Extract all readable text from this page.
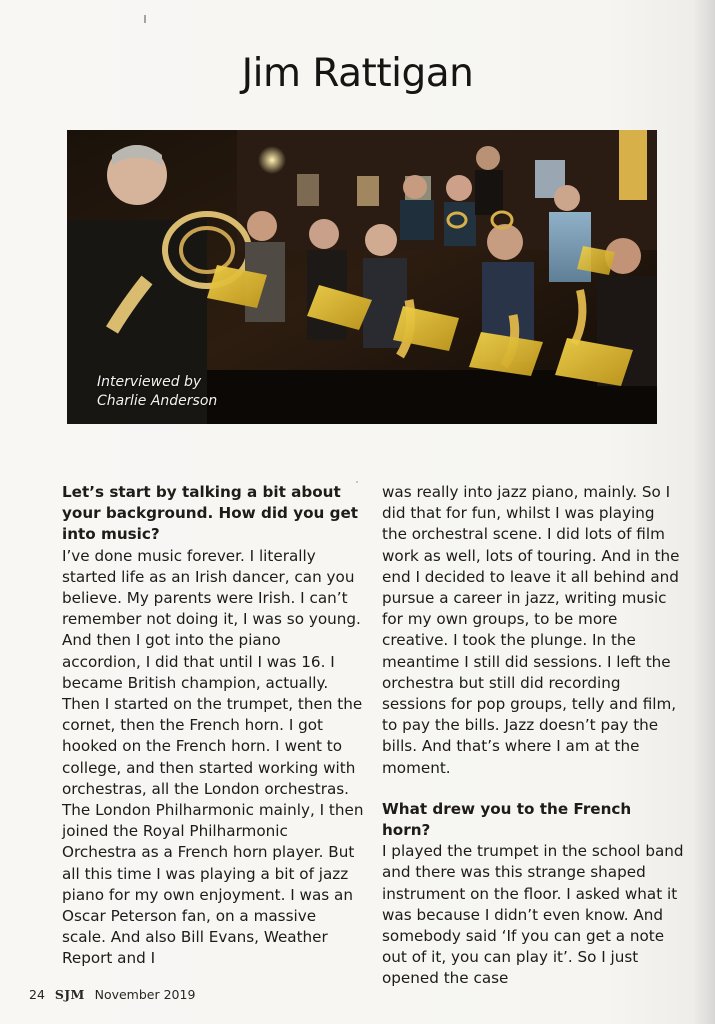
Jim Rattigan
Interviewed by
Charlie Anderson
Let’s start by talking a bit about your background. How did you get into music?
I’ve done music forever. I literally started life as an Irish dancer, can you believe. My parents were Irish. I can’t remember not doing it, I was so young. And then I got into the piano accordion, I did that until I was 16. I became British champion, actually. Then I started on the trumpet, then the cornet, then the French horn. I got hooked on the French horn. I went to college, and then started working with orchestras, all the London orchestras. The London Philharmonic mainly, I then joined the Royal Philharmonic Orchestra as a French horn player. But all this time I was playing a bit of jazz piano for my own enjoyment. I was an Oscar Peterson fan, on a massive scale. And also Bill Evans, Weather Report and I
was really into jazz piano, mainly. So I did that for fun, whilst I was playing the orchestral scene. I did lots of film work as well, lots of touring. And in the end I decided to leave it all behind and pursue a career in jazz, writing music for my own groups, to be more creative. I took the plunge. In the meantime I still did sessions. I left the orchestra but still did recording sessions for pop groups, telly and film, to pay the bills. Jazz doesn’t pay the bills. And that’s where I am at the moment.
What drew you to the French horn?
I played the trumpet in the school band and there was this strange shaped instrument on the floor. I asked what it was because I didn’t even know. And somebody said ‘If you can get a note out of it, you can play it’. So I just opened the case
24 SJM November 2019
